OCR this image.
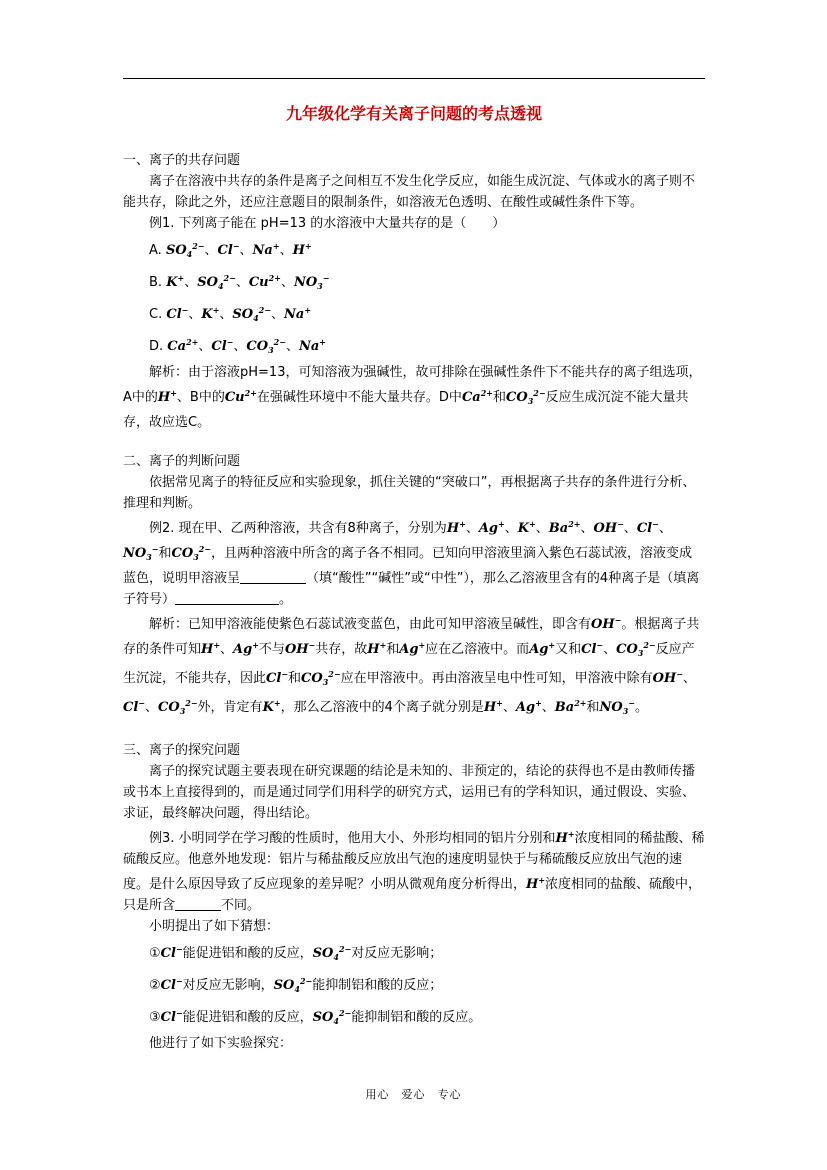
九年级化学有关离子问题的考点透视

一、离子的共存问题

离子在溶液中共存的条件是离子之间相互不发生化学反应，如能生成沉淀、气体或水的离子则不能共存，除此之外，还应注意题目的限制条件，如溶液无色透明、在酸性或碱性条件下等。

例1. 下列离子能在 pH=13 的水溶液中大量共存的是（　　）

A. $SO_4^{2-}$、Cl−、Na+、H+

B. K+、$SO_4^{2-}$、$Cu^{2+}$、$NO_3^-$

C. Cl−、K+、$SO_4^{2-}$、Na+

D. $Ca^{2+}$、Cl−、$CO_3^{2-}$、Na+

解析：由于溶液pH=13，可知溶液为强碱性，故可排除在强碱性条件下不能共存的离子组选项，A中的H+、B中的$Cu^{2+}$在强碱性环境中不能大量共存。D中$Ca^{2+}$和$CO_3^{2-}$反应生成沉淀不能大量共存，故应选C。

二、离子的判断问题

依据常见离子的特征反应和实验现象，抓住关键的“突破口”，再根据离子共存的条件进行分析、推理和判断。

例2. 现在甲、乙两种溶液，共含有8种离子，分别为H+、Ag+、K+、$Ba^{2+}$、OH−、Cl−、$NO_3^-$和$CO_3^{2-}$，且两种溶液中所含的离子各不相同。已知向甲溶液里滴入紫色石蕊试液，溶液变成蓝色，说明甲溶液呈	（填“酸性”“碱性”或“中性”），那么乙溶液里含有的4种离子是（填离子符号）	。

解析：已知甲溶液能使紫色石蕊试液变蓝色，由此可知甲溶液呈碱性，即含有OH−。根据离子共存的条件可知H+、Ag+不与OH−共存，故H+和Ag+应在乙溶液中。而Ag+又和Cl−、$CO_3^{2-}$反应产生沉淀，不能共存，因此Cl−和$CO_3^{2-}$应在甲溶液中。再由溶液呈电中性可知，甲溶液中除有OH−、Cl−、$CO_3^{2-}$外，肯定有K+，那么乙溶液中的4个离子就分别是H+、Ag+、$Ba^{2+}$和$NO_3^-$。

三、离子的探究问题

离子的探究试题主要表现在研究课题的结论是未知的、非预定的，结论的获得也不是由教师传播或书本上直接得到的，而是通过同学们用科学的研究方式，运用已有的学科知识，通过假设、实验、求证，最终解决问题，得出结论。

例3. 小明同学在学习酸的性质时，他用大小、外形均相同的铝片分别和H+浓度相同的稀盐酸、稀硫酸反应。他意外地发现：铝片与稀盐酸反应放出气泡的速度明显快于与稀硫酸反应放出气泡的速度。是什么原因导致了反应现象的差异呢？小明从微观角度分析得出，H+浓度相同的盐酸、硫酸中，只是所含	不同。

小明提出了如下猜想：

①Cl−能促进铝和酸的反应，$SO_4^{2-}$对反应无影响；

②Cl−对反应无影响，$SO_4^{2-}$能抑制铝和酸的反应；

③Cl−能促进铝和酸的反应，$SO_4^{2-}$能抑制铝和酸的反应。

他进行了如下实验探究：

用心　爱心　专心
